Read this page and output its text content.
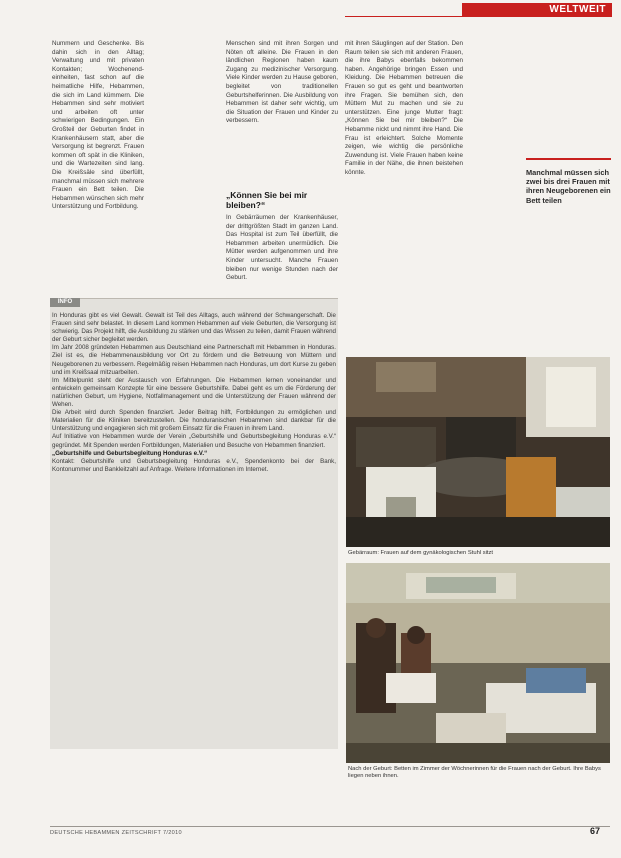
WELTWEIT

Nummern und Geschenke. Bis dahin sich in den Alltag; Verwaltung und mit privaten Kontakten; Wochenendeinheiten, fast schon auf die heimatliche Hilfe, Hebammen, die sich im Land kümmern. Die Hebammen sind sehr motiviert und arbeiten oft unter schwierigen Bedingungen. Ein Großteil der Geburten findet in Krankenhäusern statt, aber die Versorgung ist begrenzt. Frauen kommen oft spät in die Kliniken, und die Wartezeiten sind lang. Die Kreißsäle sind überfüllt, manchmal müssen sich mehrere Frauen ein Bett teilen. Die Hebammen wünschen sich mehr Unterstützung und Fortbildung.

Menschen sind mit ihren Sorgen und Nöten oft alleine. Die Frauen in den ländlichen Regionen haben kaum Zugang zu medizinischer Versorgung. Viele Kinder werden zu Hause geboren, begleitet von traditionellen Geburtshelferinnen. Die Ausbildung von Hebammen ist daher sehr wichtig, um die Situation der Frauen und Kinder zu verbessern.

„Können Sie bei mir bleiben?“

In Gebärräumen der Krankenhäuser, der drittgrößten Stadt im ganzen Land. Das Hospital ist zum Teil überfüllt, die Hebammen arbeiten unermüdlich. Die Mütter werden aufgenommen und ihre Kinder untersucht. Manche Frauen bleiben nur wenige Stunden nach der Geburt.

mit ihren Säuglingen auf der Station. Den Raum teilen sie sich mit anderen Frauen, die ihre Babys ebenfalls bekommen haben. Angehörige bringen Essen und Kleidung. Die Hebammen betreuen die Frauen so gut es geht und beantworten ihre Fragen. Sie bemühen sich, den Müttern Mut zu machen und sie zu unterstützen. Eine junge Mutter fragt: „Können Sie bei mir bleiben?“ Die Hebamme nickt und nimmt ihre Hand. Die Frau ist erleichtert. Solche Momente zeigen, wie wichtig die persönliche Zuwendung ist. Viele Frauen haben keine Familie in der Nähe, die ihnen beistehen könnte.	Manchmal müssen sich zwei bis drei Frauen mit ihren Neugeborenen ein Bett teilen
INFO

In Honduras gibt es viel Gewalt. Gewalt ist Teil des Alltags, auch während der Schwangerschaft. Die Frauen sind sehr belastet. In diesem Land kommen Hebammen auf viele Geburten, die Versorgung ist schwierig. Das Projekt hilft, die Ausbildung zu stärken und das Wissen zu teilen, damit Frauen während der Geburt sicher begleitet werden.

Im Jahr 2008 gründeten Hebammen aus Deutschland eine Partnerschaft mit Hebammen in Honduras. Ziel ist es, die Hebammenausbildung vor Ort zu fördern und die Betreuung von Müttern und Neugeborenen zu verbessern. Regelmäßig reisen Hebammen nach Honduras, um dort Kurse zu geben und im Kreißsaal mitzuarbeiten.

Im Mittelpunkt steht der Austausch von Erfahrungen. Die Hebammen lernen voneinander und entwickeln gemeinsam Konzepte für eine bessere Geburtshilfe. Dabei geht es um die Förderung der natürlichen Geburt, um Hygiene, Notfallmanagement und die Unterstützung der Frauen während der Wehen.

Die Arbeit wird durch Spenden finanziert. Jeder Beitrag hilft, Fortbildungen zu ermöglichen und Materialien für die Kliniken bereitzustellen. Die honduranischen Hebammen sind dankbar für die Unterstützung und engagieren sich mit großem Einsatz für die Frauen in ihrem Land.

Auf Initiative von Hebammen wurde der Verein „Geburtshilfe und Geburtsbegleitung Honduras e.V.“ gegründet. Mit Spenden werden Fortbildungen, Materialien und Besuche von Hebammen finanziert.

„Geburtshilfe und Geburtsbegleitung Honduras e.V.“

Kontakt: Geburtshilfe und Geburtsbegleitung Honduras e.V., Spendenkonto bei der Bank, Kontonummer und Bankleitzahl auf Anfrage. Weitere Informationen im Internet.

Gebärraum: Frauen auf dem gynäkologischen Stuhl sitzt
Nach der Geburt: Betten im Zimmer der Wöchnerinnen für die Frauen nach der Geburt. Ihre Babys liegen neben ihnen.
DEUTSCHE HEBAMMEN ZEITSCHRIFT 7/2010	67
